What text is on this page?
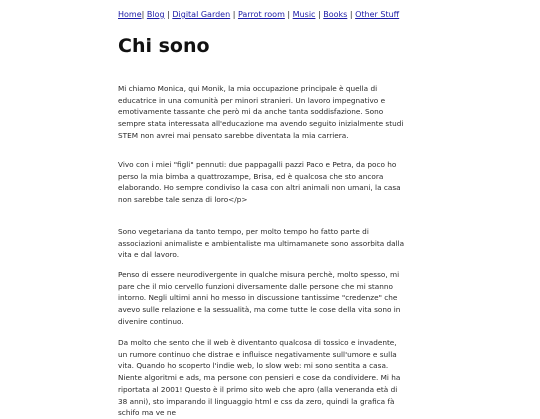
Home| Blog | Digital Garden | Parrot room | Music | Books | Other Stuff
Chi sono

Mi chiamo Monica, qui Monik, la mia occupazione principale è quella di educatrice in una comunità per minori stranieri. Un lavoro impegnativo e emotivamente tassante che però mi da anche tanta soddisfazione. Sono sempre stata interessata all'educazione ma avendo seguito inizialmente studi STEM non avrei mai pensato sarebbe diventata la mia carriera.

Vivo con i miei "figli" pennuti: due pappagalli pazzi Paco e Petra, da poco ho perso la mia bimba a quattrozampe, Brisa, ed è qualcosa che sto ancora elaborando. Ho sempre condiviso la casa con altri animali non umani, la casa non sarebbe tale senza di loro</p>

Sono vegetariana da tanto tempo, per molto tempo ho fatto parte di associazioni animaliste e ambientaliste ma ultimamanete sono assorbita dalla vita e dal lavoro.

Penso di essere neurodivergente in qualche misura perchè, molto spesso, mi pare che il mio cervello funzioni diversamente dalle persone che mi stanno intorno. Negli ultimi anni ho messo in discussione tantissime "credenze" che avevo sulle relazione e la sessualità, ma come tutte le cose della vita sono in divenire continuo.

Da molto che sento che il web è diventanto qualcosa di tossico e invadente, un rumore continuo che distrae e influisce negativamente sull'umore e sulla vita. Quando ho scoperto l'indie web, lo slow web: mi sono sentita a casa. Niente algoritmi e ads, ma persone con pensieri e cose da condividere. Mi ha riportata al 2001! Questo è il primo sito web che apro (alla veneranda età di 38 anni), sto imparando il linguaggio html e css da zero, quindi la grafica fà schifo ma ve ne
